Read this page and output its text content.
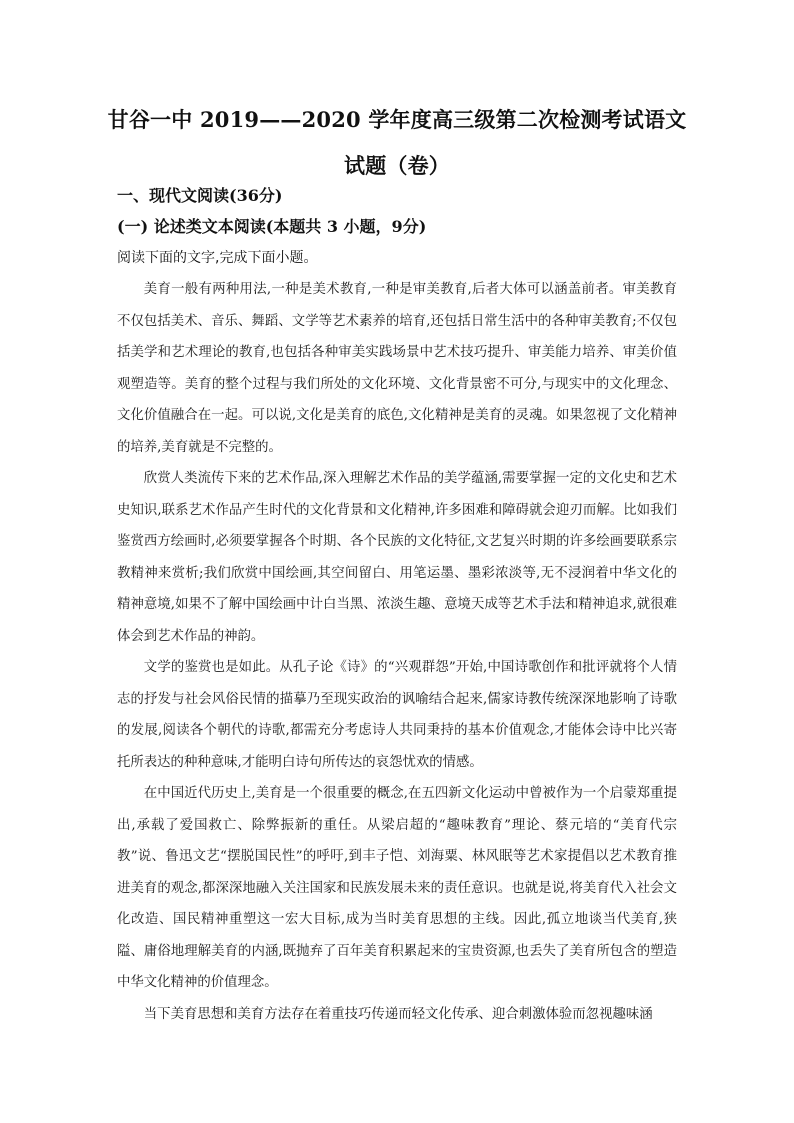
甘谷一中 2019——2020 学年度高三级第二次检测考试语文
试题（卷）
一、现代文阅读(36分)
(一) 论述类文本阅读(本题共 3 小题，9分)
阅读下面的文字,完成下面小题。

美育一般有两种用法,一种是美术教育,一种是审美教育,后者大体可以涵盖前者。审美教育不仅包括美术、音乐、舞蹈、文学等艺术素养的培育,还包括日常生活中的各种审美教育;不仅包括美学和艺术理论的教育,也包括各种审美实践场景中艺术技巧提升、审美能力培养、审美价值观塑造等。美育的整个过程与我们所处的文化环境、文化背景密不可分,与现实中的文化理念、文化价值融合在一起。可以说,文化是美育的底色,文化精神是美育的灵魂。如果忽视了文化精神的培养,美育就是不完整的。

欣赏人类流传下来的艺术作品,深入理解艺术作品的美学蕴涵,需要掌握一定的文化史和艺术史知识,联系艺术作品产生时代的文化背景和文化精神,许多困难和障碍就会迎刃而解。比如我们鉴赏西方绘画时,必须要掌握各个时期、各个民族的文化特征,文艺复兴时期的许多绘画要联系宗教精神来赏析;我们欣赏中国绘画,其空间留白、用笔运墨、墨彩浓淡等,无不浸润着中华文化的精神意境,如果不了解中国绘画中计白当黑、浓淡生趣、意境天成等艺术手法和精神追求,就很难体会到艺术作品的神韵。

文学的鉴赏也是如此。从孔子论《诗》的“兴观群怨”开始,中国诗歌创作和批评就将个人情志的抒发与社会风俗民情的描摹乃至现实政治的讽喻结合起来,儒家诗教传统深深地影响了诗歌的发展,阅读各个朝代的诗歌,都需充分考虑诗人共同秉持的基本价值观念,才能体会诗中比兴寄托所表达的种种意味,才能明白诗句所传达的哀怨忧欢的情感。

在中国近代历史上,美育是一个很重要的概念,在五四新文化运动中曾被作为一个启蒙郑重提出,承载了爱国救亡、除弊振新的重任。从梁启超的“趣味教育”理论、蔡元培的“美育代宗教”说、鲁迅文艺“摆脱国民性”的呼吁,到丰子恺、刘海粟、林风眠等艺术家提倡以艺术教育推进美育的观念,都深深地融入关注国家和民族发展未来的责任意识。也就是说,将美育代入社会文化改造、国民精神重塑这一宏大目标,成为当时美育思想的主线。因此,孤立地谈当代美育,狭隘、庸俗地理解美育的内涵,既抛弃了百年美育积累起来的宝贵资源,也丢失了美育所包含的塑造中华文化精神的价值理念。

当下美育思想和美育方法存在着重技巧传递而轻文化传承、迎合刺激体验而忽视趣味涵
